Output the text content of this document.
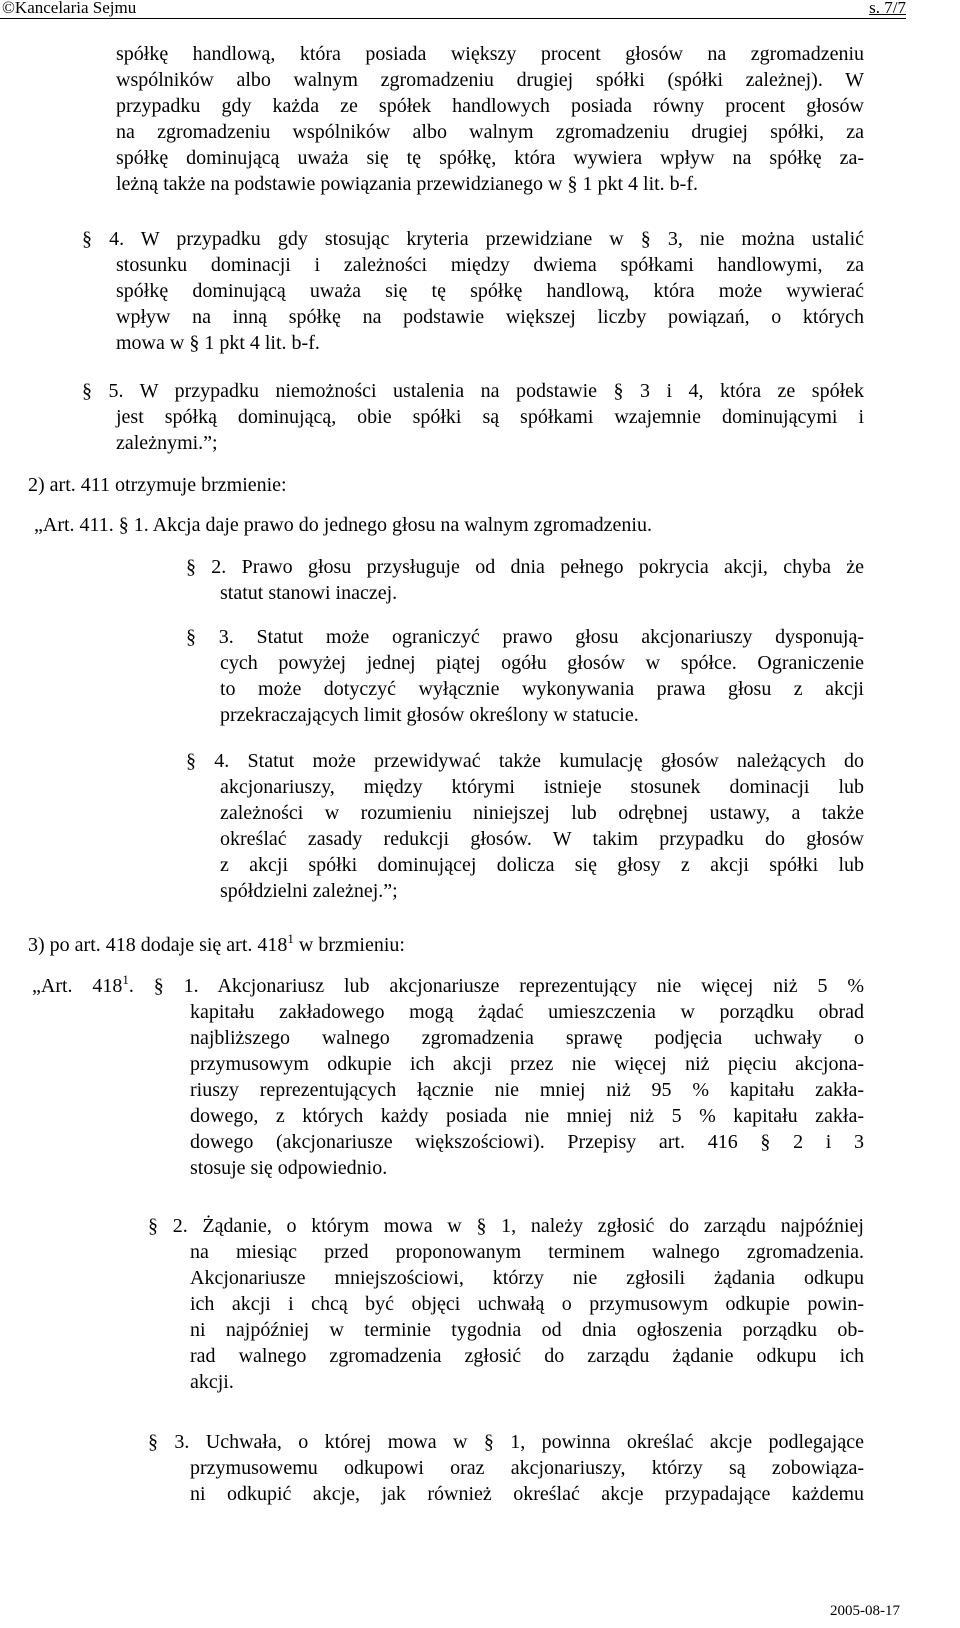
©Kancelaria Sejmu	s. 7/7
spółkę handlową, która posiada większy procent głosów na zgromadzeniu
wspólników albo walnym zgromadzeniu drugiej spółki (spółki zależnej). W
przypadku gdy każda ze spółek handlowych posiada równy procent głosów
na zgromadzeniu wspólników albo walnym zgromadzeniu drugiej spółki, za
spółkę dominującą uważa się tę spółkę, która wywiera wpływ na spółkę za-
leżną także na podstawie powiązania przewidzianego w § 1 pkt 4 lit. b-f.
§ 4. W przypadku gdy stosując kryteria przewidziane w § 3, nie można ustalić
stosunku dominacji i zależności między dwiema spółkami handlowymi, za
spółkę dominującą uważa się tę spółkę handlową, która może wywierać
wpływ na inną spółkę na podstawie większej liczby powiązań, o których
mowa w § 1 pkt 4 lit. b-f.
§ 5. W przypadku niemożności ustalenia na podstawie § 3 i 4, która ze spółek
jest spółką dominującą, obie spółki są spółkami wzajemnie dominującymi i
zależnymi.”;
2) art. 411 otrzymuje brzmienie:
„Art. 411. § 1. Akcja daje prawo do jednego głosu na walnym zgromadzeniu.
§ 2. Prawo głosu przysługuje od dnia pełnego pokrycia akcji, chyba że
statut stanowi inaczej.
§ 3. Statut może ograniczyć prawo głosu akcjonariuszy dysponują-
cych powyżej jednej piątej ogółu głosów w spółce. Ograniczenie
to może dotyczyć wyłącznie wykonywania prawa głosu z akcji
przekraczających limit głosów określony w statucie.
§ 4. Statut może przewidywać także kumulację głosów należących do
akcjonariuszy, między którymi istnieje stosunek dominacji lub
zależności w rozumieniu niniejszej lub odrębnej ustawy, a także
określać zasady redukcji głosów. W takim przypadku do głosów
z akcji spółki dominującej dolicza się głosy z akcji spółki lub
spółdzielni zależnej.”;
3) po art. 418 dodaje się art. $418^1$ w brzmieniu:
„Art. $418^1$. § 1. Akcjonariusz lub akcjonariusze reprezentujący nie więcej niż 5 %
kapitału zakładowego mogą żądać umieszczenia w porządku obrad
najbliższego walnego zgromadzenia sprawę podjęcia uchwały o
przymusowym odkupie ich akcji przez nie więcej niż pięciu akcjona-
riuszy reprezentujących łącznie nie mniej niż 95 % kapitału zakła-
dowego, z których każdy posiada nie mniej niż 5 % kapitału zakła-
dowego (akcjonariusze większościowi). Przepisy art. 416 § 2 i 3
stosuje się odpowiednio.
§ 2. Żądanie, o którym mowa w § 1, należy zgłosić do zarządu najpóźniej
na miesiąc przed proponowanym terminem walnego zgromadzenia.
Akcjonariusze mniejszościowi, którzy nie zgłosili żądania odkupu
ich akcji i chcą być objęci uchwałą o przymusowym odkupie powin-
ni najpóźniej w terminie tygodnia od dnia ogłoszenia porządku ob-
rad walnego zgromadzenia zgłosić do zarządu żądanie odkupu ich
akcji.
§ 3. Uchwała, o której mowa w § 1, powinna określać akcje podlegające
przymusowemu odkupowi oraz akcjonariuszy, którzy są zobowiąza-
ni odkupić akcje, jak również określać akcje przypadające każdemu
2005-08-17
